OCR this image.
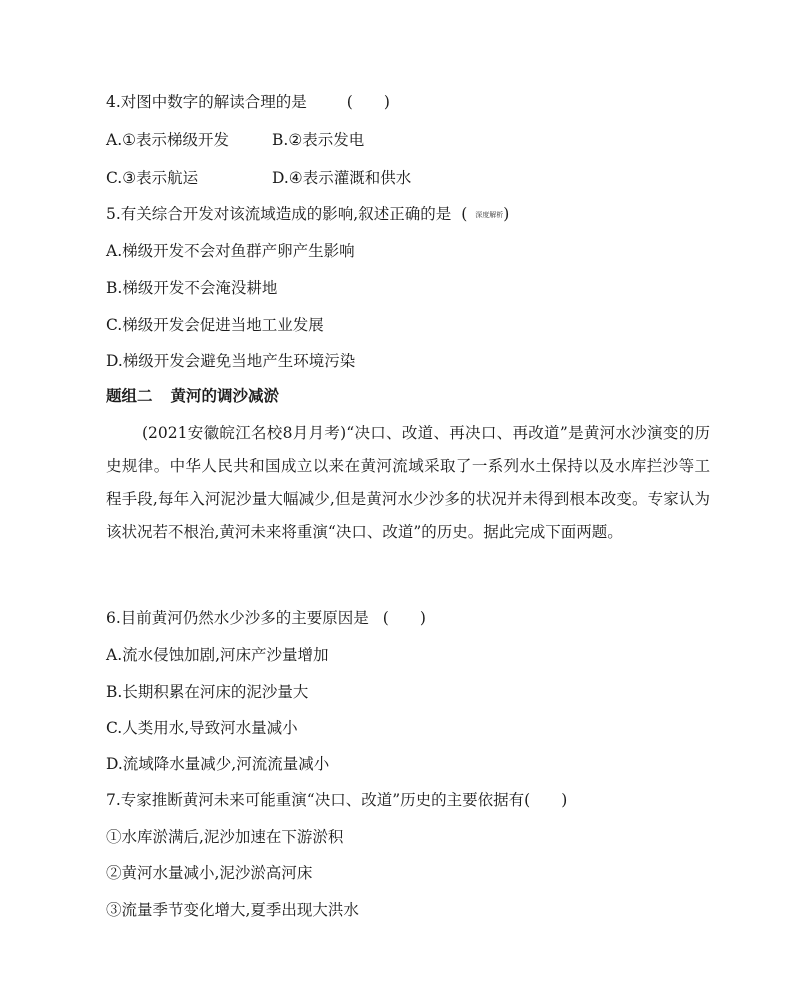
4.对图中数字的解读合理的是	(　　)
A.①表示梯级开发	B.②表示发电
C.③表示航运	D.④表示灌溉和供水
5.有关综合开发对该流域造成的影响,叙述正确的是 ( 深度解析)
A.梯级开发不会对鱼群产卵产生影响
B.梯级开发不会淹没耕地
C.梯级开发会促进当地工业发展
D.梯级开发会避免当地产生环境污染
题组二 黄河的调沙减淤
(2021安徽皖江名校8月月考)“决口、改道、再决口、再改道”是黄河水沙演变的历史规律。中华人民共和国成立以来在黄河流域采取了一系列水土保持以及水库拦沙等工程手段,每年入河泥沙量大幅减少,但是黄河水少沙多的状况并未得到根本改变。专家认为该状况若不根治,黄河未来将重演“决口、改道”的历史。据此完成下面两题。
6.目前黄河仍然水少沙多的主要原因是 (　　)
A.流水侵蚀加剧,河床产沙量增加
B.长期积累在河床的泥沙量大
C.人类用水,导致河水量减小
D.流域降水量减少,河流流量减小
7.专家推断黄河未来可能重演“决口、改道”历史的主要依据有(　　)
①水库淤满后,泥沙加速在下游淤积
②黄河水量减小,泥沙淤高河床
③流量季节变化增大,夏季出现大洪水
